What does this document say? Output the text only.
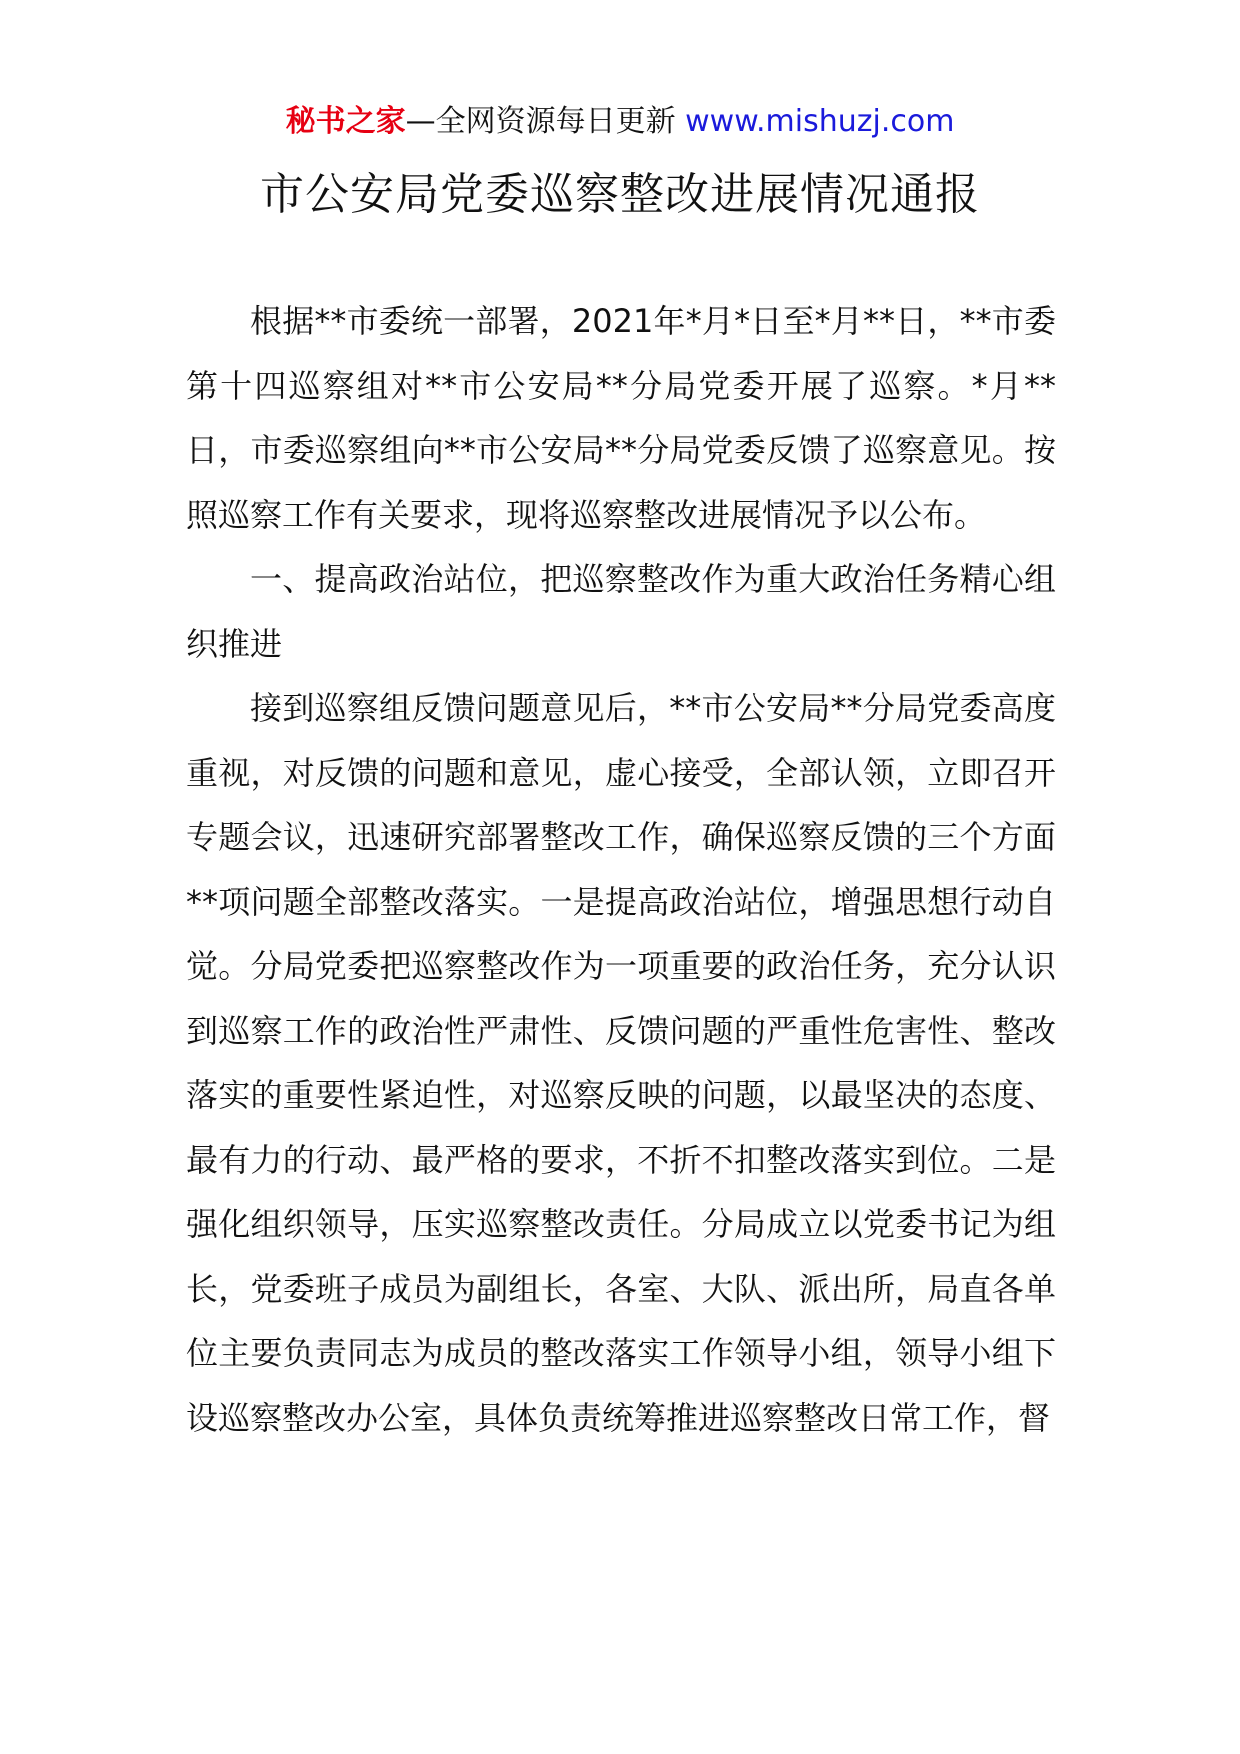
秘书之家—全网资源每日更新 www.mishuzj.com
市公安局党委巡察整改进展情况通报

根据**市委统一部署，2021年*月*日至*月**日，**市委第十四巡察组对**市公安局**分局党委开展了巡察。*月**日，市委巡察组向**市公安局**分局党委反馈了巡察意见。按照巡察工作有关要求，现将巡察整改进展情况予以公布。

一、提高政治站位，把巡察整改作为重大政治任务精心组织推进

接到巡察组反馈问题意见后，**市公安局**分局党委高度重视，对反馈的问题和意见，虚心接受，全部认领，立即召开专题会议，迅速研究部署整改工作，确保巡察反馈的三个方面**项问题全部整改落实。一是提高政治站位，增强思想行动自觉。分局党委把巡察整改作为一项重要的政治任务，充分认识到巡察工作的政治性严肃性、反馈问题的严重性危害性、整改落实的重要性紧迫性，对巡察反映的问题，以最坚决的态度、最有力的行动、最严格的要求，不折不扣整改落实到位。二是强化组织领导，压实巡察整改责任。分局成立以党委书记为组长，党委班子成员为副组长，各室、大队、派出所，局直各单位主要负责同志为成员的整改落实工作领导小组，领导小组下设巡察整改办公室，具体负责统筹推进巡察整改日常工作，督
